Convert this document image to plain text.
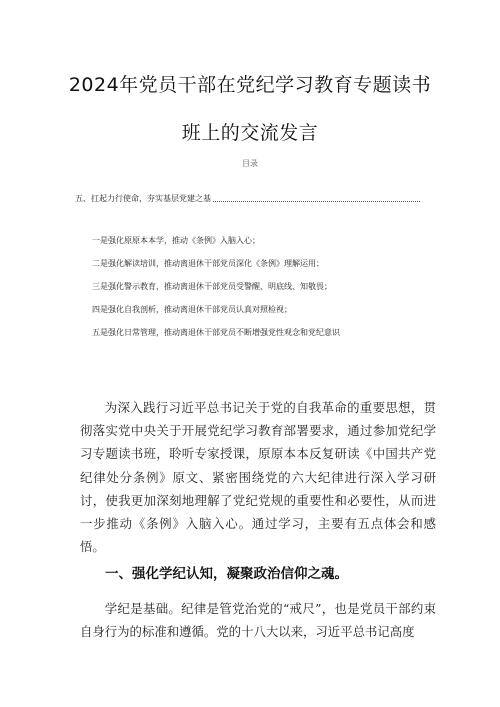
2024年党员干部在党纪学习教育专题读书
班上的交流发言
目录
五、扛起力行使命，夯实基层党建之基
一是强化原原本本学，推动《条例》入脑入心；
二是强化解读培训，推动离退休干部党员深化《条例》理解运用；
三是强化警示教育，推动离退休干部党员受警醒、明底线、知敬畏；
四是强化自我剖析，推动离退休干部党员认真对照检视；
五是强化日常管理，推动离退休干部党员不断增强党性观念和党纪意识

为深入践行习近平总书记关于党的自我革命的重要思想，贯彻落实党中央关于开展党纪学习教育部署要求，通过参加党纪学习专题读书班，聆听专家授课，原原本本反复研读《中国共产党纪律处分条例》原文、紧密围绕党的六大纪律进行深入学习研讨，使我更加深刻地理解了党纪党规的重要性和必要性，从而进一步推动《条例》入脑入心。通过学习，主要有五点体会和感悟。

一、强化学纪认知，凝聚政治信仰之魂。

学纪是基础。纪律是管党治党的“戒尺”，也是党员干部约束自身行为的标准和遵循。党的十八大以来，习近平总书记高度
